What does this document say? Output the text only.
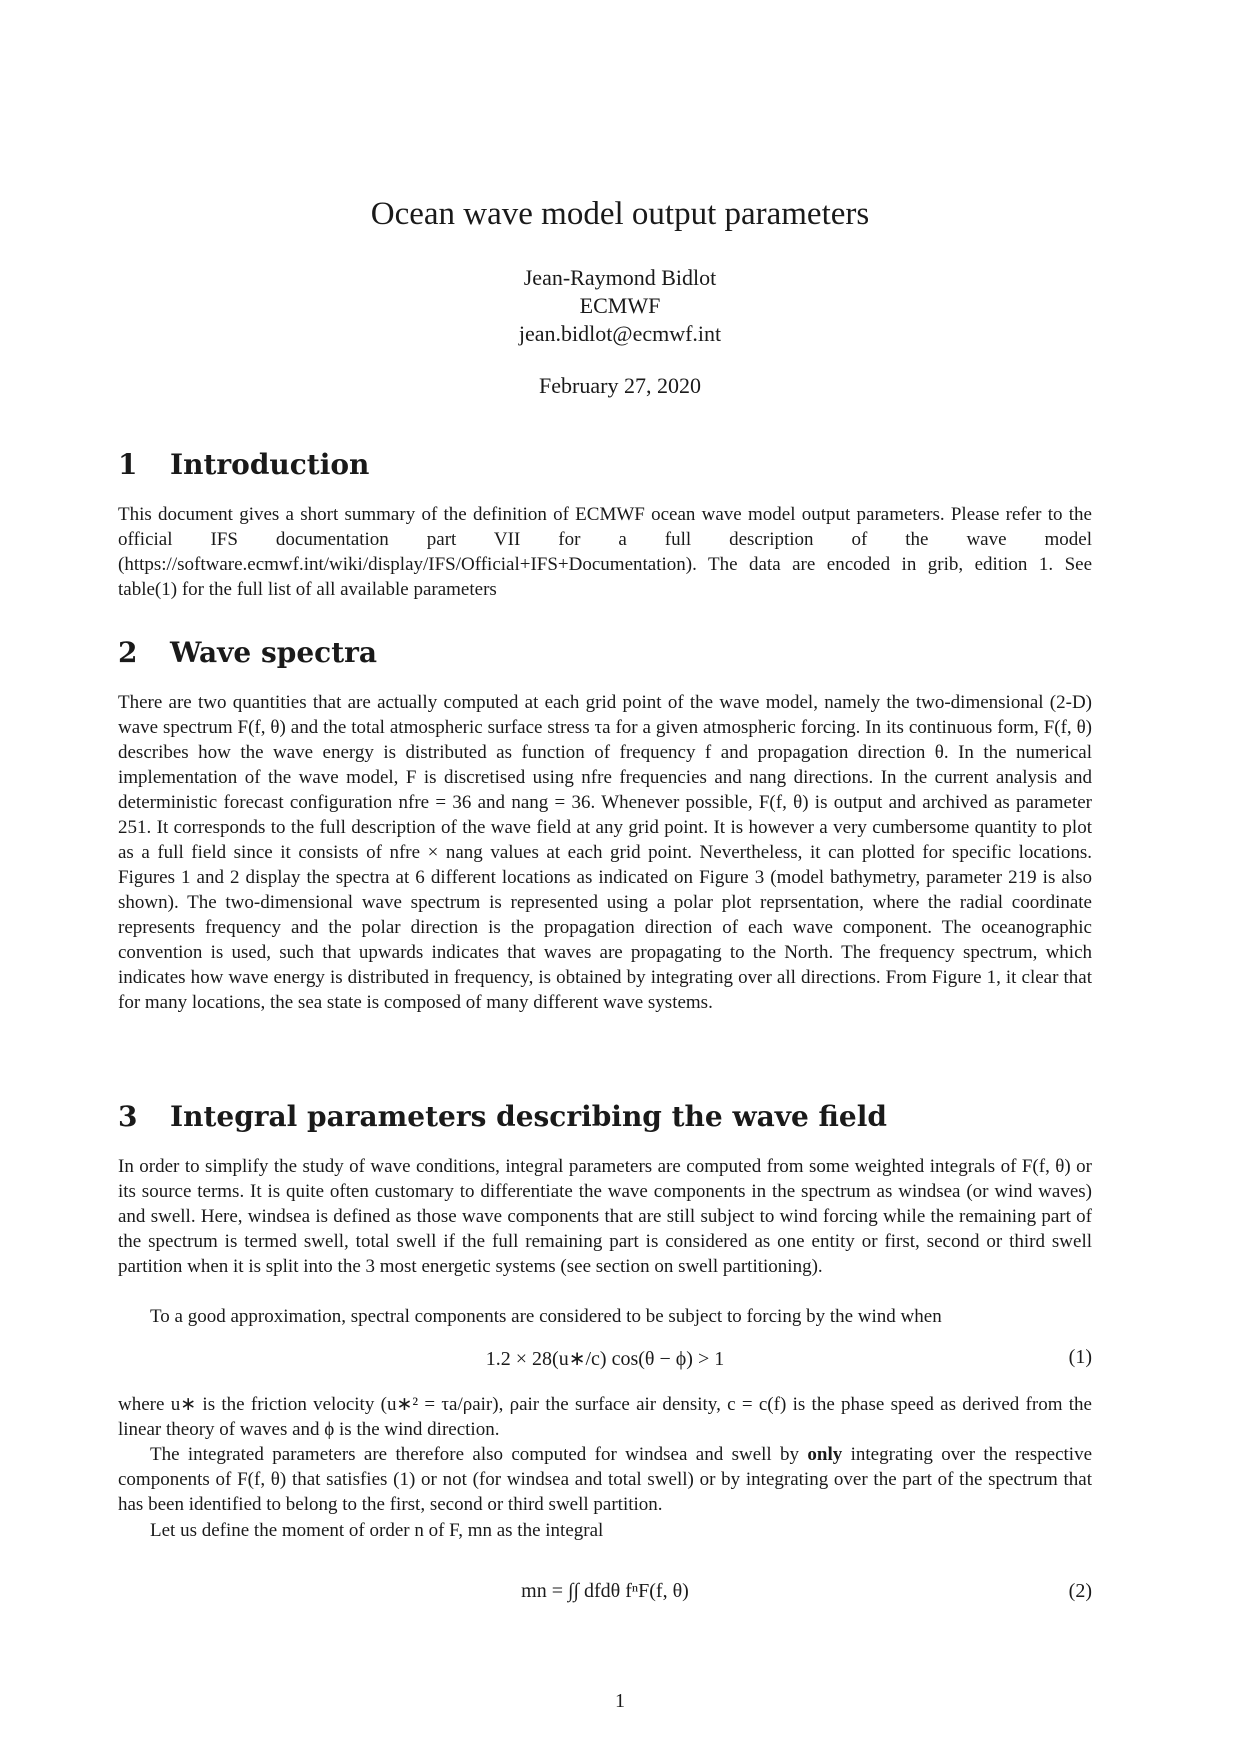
Ocean wave model output parameters
Jean-Raymond Bidlot
ECMWF
jean.bidlot@ecmwf.int
February 27, 2020
1 Introduction

This document gives a short summary of the definition of ECMWF ocean wave model output parameters. Please refer to the official IFS documentation part VII for a full description of the wave model (https://software.ecmwf.int/wiki/display/IFS/Official+IFS+Documentation). The data are encoded in grib, edition 1. See table(1) for the full list of all available parameters

2 Wave spectra

There are two quantities that are actually computed at each grid point of the wave model, namely the two-dimensional (2-D) wave spectrum F(f, θ) and the total atmospheric surface stress τa for a given atmospheric forcing. In its continuous form, F(f, θ) describes how the wave energy is distributed as function of frequency f and propagation direction θ. In the numerical implementation of the wave model, F is discretised using nfre frequencies and nang directions. In the current analysis and deterministic forecast configuration nfre = 36 and nang = 36. Whenever possible, F(f, θ) is output and archived as parameter 251. It corresponds to the full description of the wave field at any grid point. It is however a very cumbersome quantity to plot as a full field since it consists of nfre × nang values at each grid point. Nevertheless, it can plotted for specific locations. Figures 1 and 2 display the spectra at 6 different locations as indicated on Figure 3 (model bathymetry, parameter 219 is also shown). The two-dimensional wave spectrum is represented using a polar plot reprsentation, where the radial coordinate represents frequency and the polar direction is the propagation direction of each wave component. The oceanographic convention is used, such that upwards indicates that waves are propagating to the North. The frequency spectrum, which indicates how wave energy is distributed in frequency, is obtained by integrating over all directions. From Figure 1, it clear that for many locations, the sea state is composed of many different wave systems.

3 Integral parameters describing the wave field

In order to simplify the study of wave conditions, integral parameters are computed from some weighted integrals of F(f, θ) or its source terms. It is quite often customary to differentiate the wave components in the spectrum as windsea (or wind waves) and swell. Here, windsea is defined as those wave components that are still subject to wind forcing while the remaining part of the spectrum is termed swell, total swell if the full remaining part is considered as one entity or first, second or third swell partition when it is split into the 3 most energetic systems (see section on swell partitioning).

To a good approximation, spectral components are considered to be subject to forcing by the wind when

1.2 × 28(u∗/c) cos(θ − ϕ) > 1	(1)

where u∗ is the friction velocity (u∗² = τa/ρair), ρair the surface air density, c = c(f) is the phase speed as derived from the linear theory of waves and ϕ is the wind direction.

The integrated parameters are therefore also computed for windsea and swell by only integrating over the respective components of F(f, θ) that satisfies (1) or not (for windsea and total swell) or by integrating over the part of the spectrum that has been identified to belong to the first, second or third swell partition.

Let us define the moment of order n of F, mn as the integral

mn = ∫∫ dfdθ fⁿF(f, θ)	(2)
1
